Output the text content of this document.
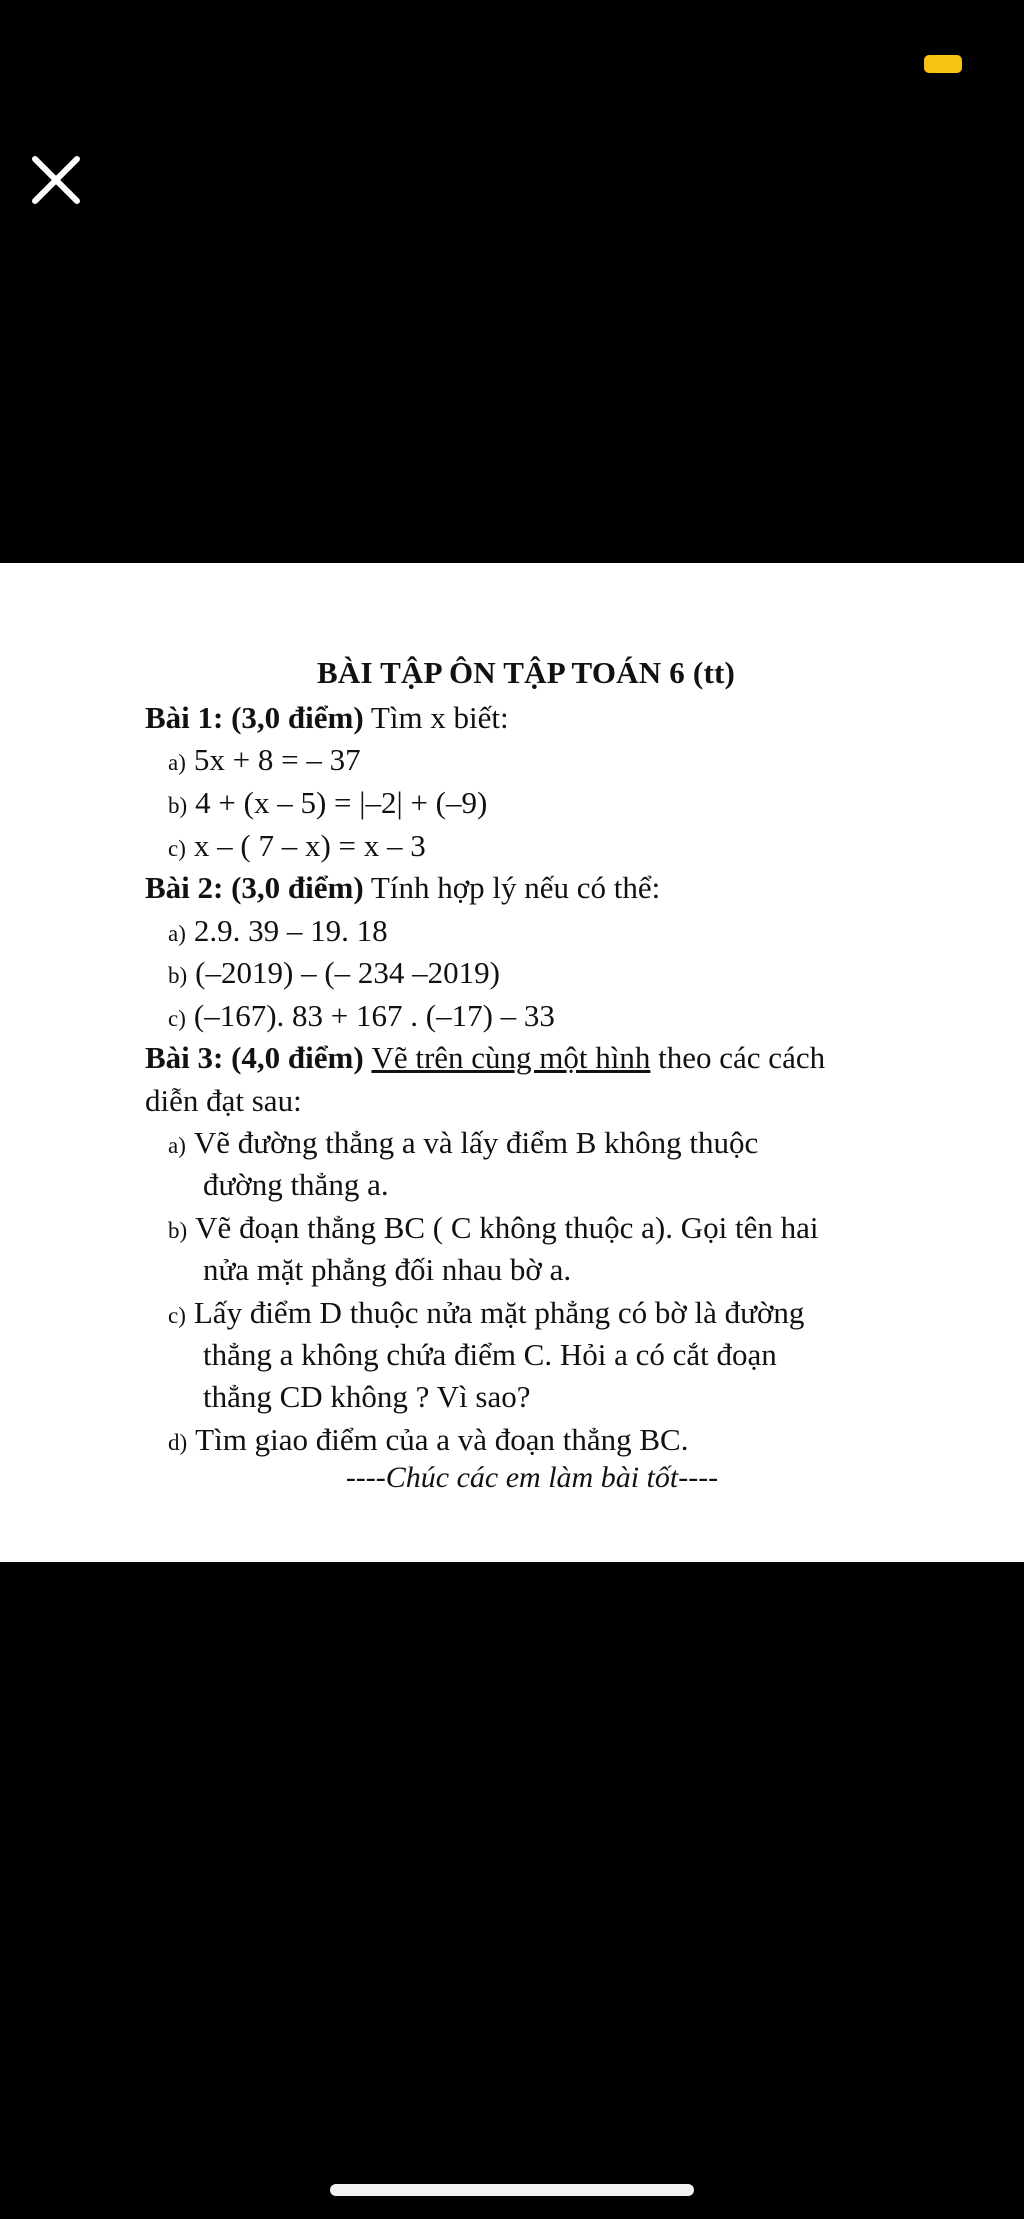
BÀI TẬP ÔN TẬP TOÁN 6 (tt)
Bài 1: (3,0 điểm) Tìm x biết:
a) 5x + 8 = – 37
b) 4 + (x – 5) = |–2| + (–9)
c) x – ( 7 – x) = x – 3
Bài 2: (3,0 điểm) Tính hợp lý nếu có thể:
a) 2.9. 39 – 19. 18
b) (–2019) – (– 234 –2019)
c) (–167). 83 + 167 . (–17) – 33
Bài 3: (4,0 điểm) Vẽ trên cùng một hình theo các cách
diễn đạt sau:
a) Vẽ đường thẳng a và lấy điểm B không thuộc
đường thẳng a.
b) Vẽ đoạn thẳng BC ( C không thuộc a). Gọi tên hai
nửa mặt phẳng đối nhau bờ a.
c) Lấy điểm D thuộc nửa mặt phẳng có bờ là đường
thẳng a không chứa điểm C. Hỏi a có cắt đoạn
thẳng CD không ? Vì sao?
d) Tìm giao điểm của a và đoạn thẳng BC.
----Chúc các em làm bài tốt----
